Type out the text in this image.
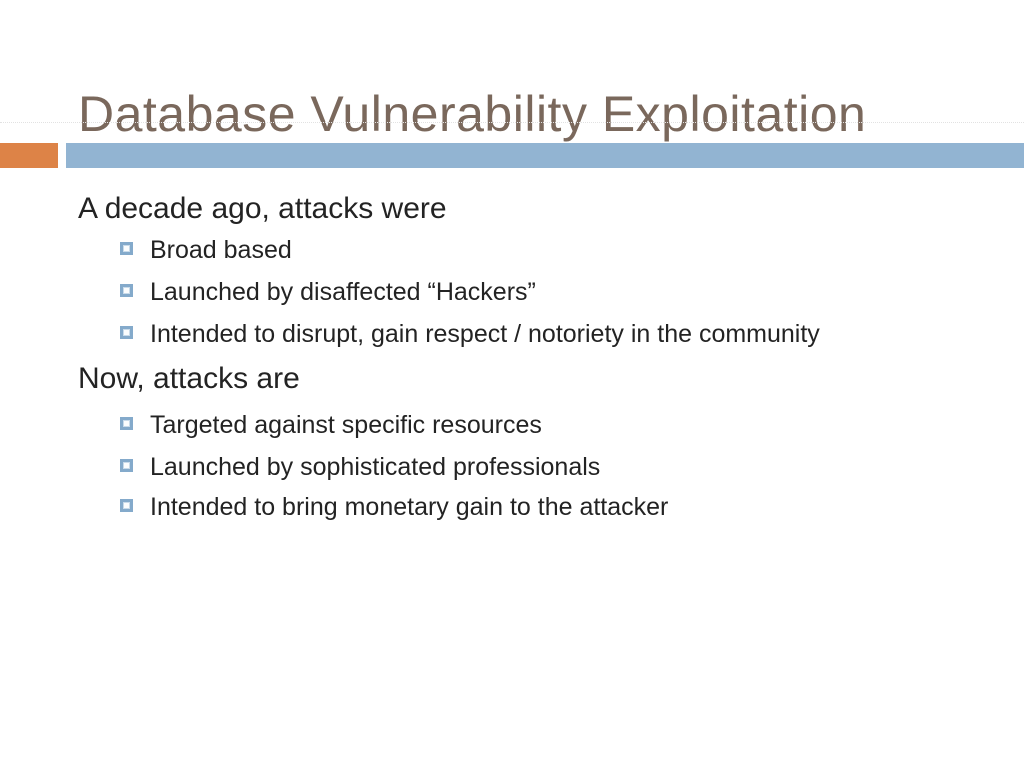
Database Vulnerability Exploitation
A decade ago, attacks were
Broad based
Launched by disaffected “Hackers”
Intended to disrupt, gain respect / notoriety in the community
Now, attacks are
Targeted against specific resources
Launched by sophisticated professionals
Intended to bring monetary gain to the attacker
